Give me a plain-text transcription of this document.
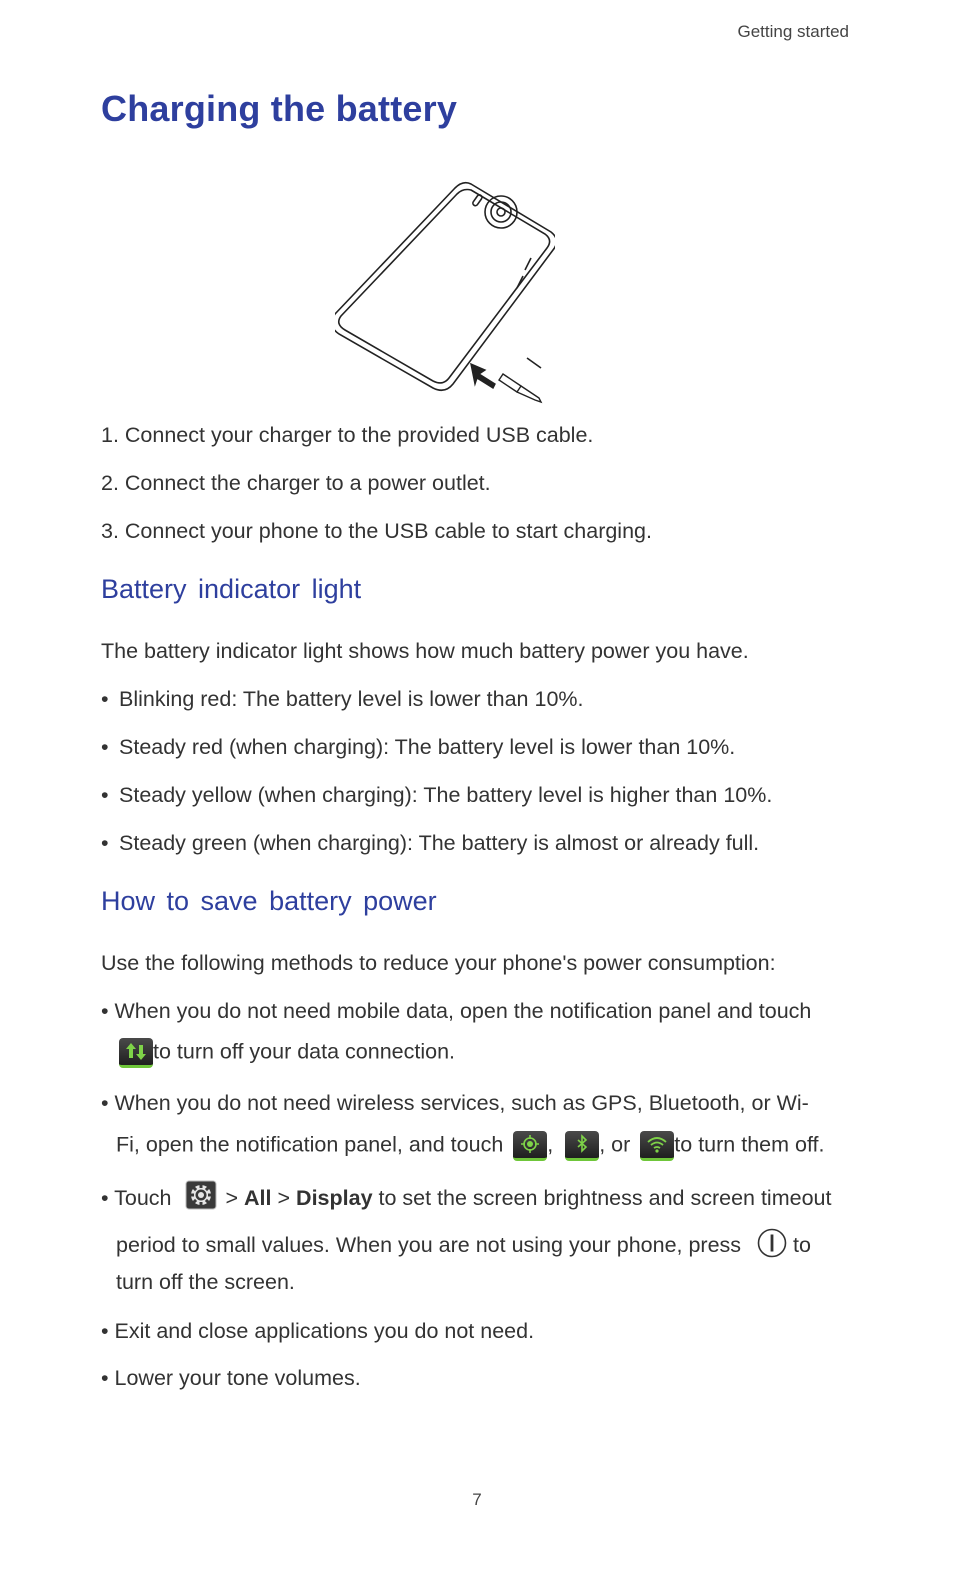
Getting started
Charging the battery
1. Connect your charger to the provided USB cable.
2. Connect the charger to a power outlet.
3. Connect your phone to the USB cable to start charging.
Battery indicator light
The battery indicator light shows how much battery power you have.
• Blinking red: The battery level is lower than 10%.
• Steady red (when charging): The battery level is lower than 10%.
• Steady yellow (when charging): The battery level is higher than 10%.
• Steady green (when charging): The battery is almost or already full.
How to save battery power
Use the following methods to reduce your phone's power consumption:
• When you do not need mobile data, open the notification panel and touch
to turn off your data connection.
• When you do not need wireless services, such as GPS, Bluetooth, or Wi-
Fi, open the notification panel, and touch , , or to turn them off.
• Touch	> All > Display to set the screen brightness and screen timeout
period to small values. When you are not using your phone, press to
turn off the screen.
• Exit and close applications you do not need.
• Lower your tone volumes.
7
